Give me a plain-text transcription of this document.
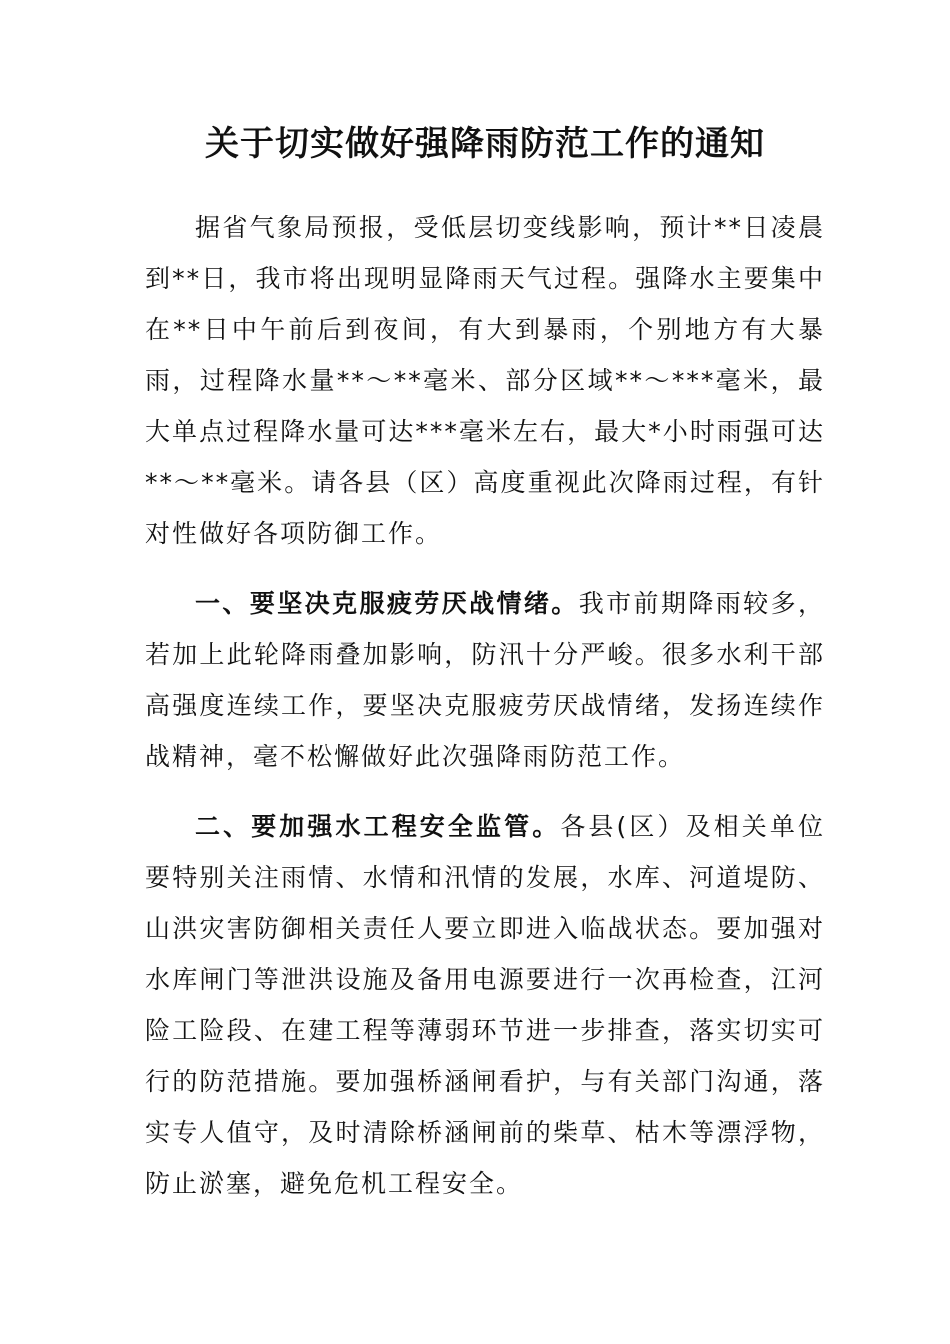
关于切实做好强降雨防范工作的通知

据省气象局预报，受低层切变线影响，预计**日凌晨到**日，我市将出现明显降雨天气过程。强降水主要集中在**日中午前后到夜间，有大到暴雨，个别地方有大暴雨，过程降水量**～**毫米、部分区域**～***毫米，最大单点过程降水量可达***毫米左右，最大*小时雨强可达**～**毫米。请各县（区）高度重视此次降雨过程，有针对性做好各项防御工作。

一、要坚决克服疲劳厌战情绪。我市前期降雨较多，若加上此轮降雨叠加影响，防汛十分严峻。很多水利干部高强度连续工作，要坚决克服疲劳厌战情绪，发扬连续作战精神，毫不松懈做好此次强降雨防范工作。

二、要加强水工程安全监管。各县(区）及相关单位要特别关注雨情、水情和汛情的发展，水库、河道堤防、山洪灾害防御相关责任人要立即进入临战状态。要加强对水库闸门等泄洪设施及备用电源要进行一次再检查，江河险工险段、在建工程等薄弱环节进一步排查，落实切实可行的防范措施。要加强桥涵闸看护，与有关部门沟通，落实专人值守，及时清除桥涵闸前的柴草、枯木等漂浮物，防止淤塞，避免危机工程安全。
